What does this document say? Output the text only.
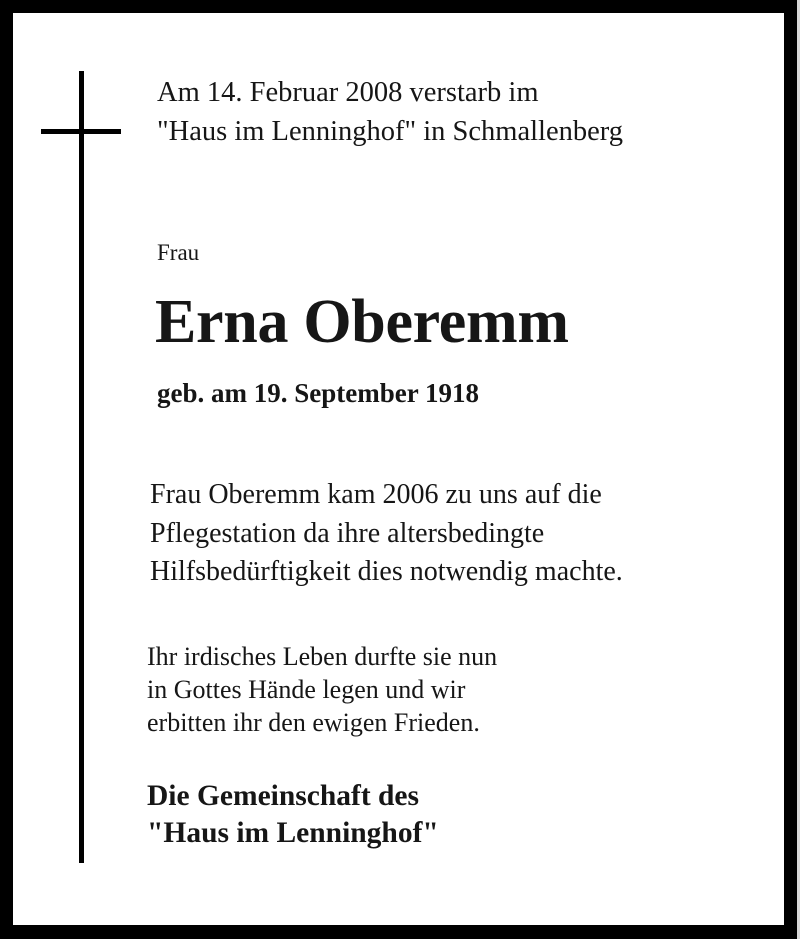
Am 14. Februar 2008 verstarb im

"Haus im Lenninghof" in Schmallenberg

Frau

Erna Oberemm

geb. am 19. September 1918

Frau Oberemm kam 2006 zu uns auf die

Pflegestation da ihre altersbedingte

Hilfsbedürftigkeit dies notwendig machte.

Ihr irdisches Leben durfte sie nun

in Gottes Hände legen und wir

erbitten ihr den ewigen Frieden.

Die Gemeinschaft des

"Haus im Lenninghof"
